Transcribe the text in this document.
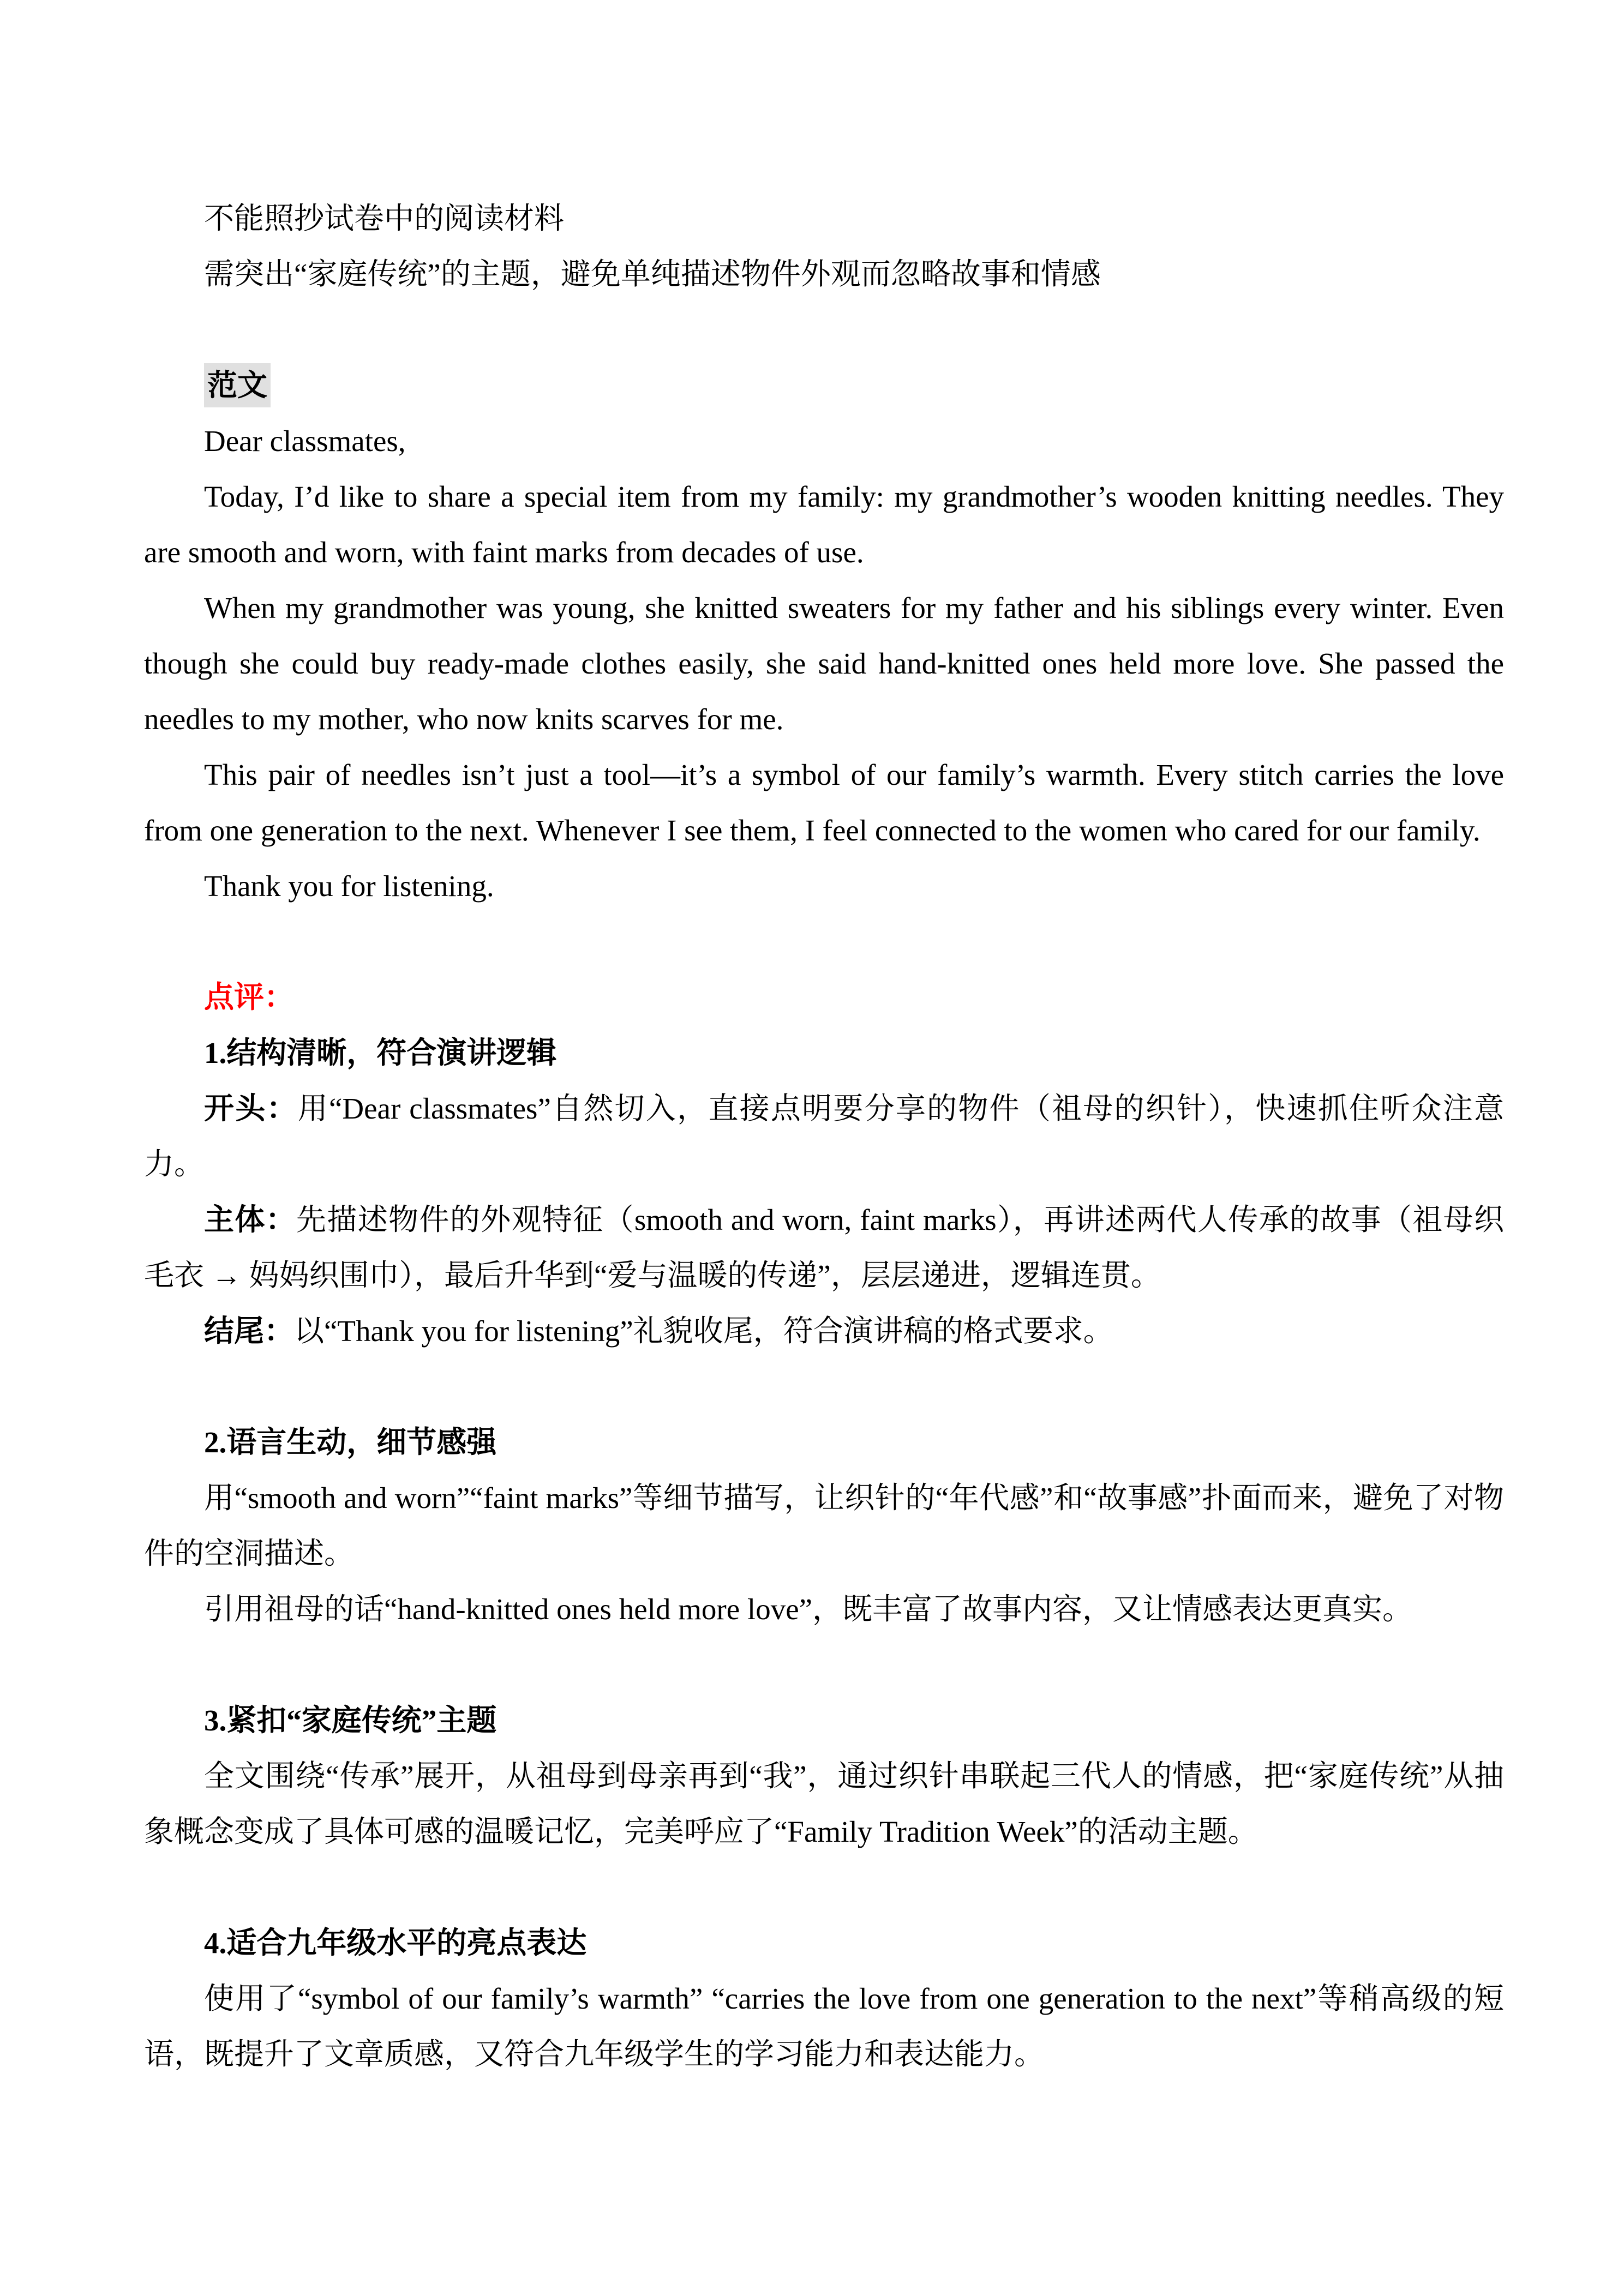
不能照抄试卷中的阅读材料

需突出“家庭传统”的主题，避免单纯描述物件外观而忽略故事和情感

范文

Dear classmates,

Today, I’d like to share a special item from my family: my grandmother’s wooden knitting needles. They are smooth and worn, with faint marks from decades of use.

When my grandmother was young, she knitted sweaters for my father and his siblings every winter. Even though she could buy ready-made clothes easily, she said hand-knitted ones held more love. She passed the needles to my mother, who now knits scarves for me.

This pair of needles isn’t just a tool—it’s a symbol of our family’s warmth. Every stitch carries the love from one generation to the next. Whenever I see them, I feel connected to the women who cared for our family.

Thank you for listening.

点评：

1.结构清晰，符合演讲逻辑

开头：用“Dear classmates”自然切入，直接点明要分享的物件（祖母的织针），快速抓住听众注意力。

主体：先描述物件的外观特征（smooth and worn, faint marks），再讲述两代人传承的故事（祖母织毛衣 → 妈妈织围巾），最后升华到“爱与温暖的传递”，层层递进，逻辑连贯。

结尾：以“Thank you for listening”礼貌收尾，符合演讲稿的格式要求。

2.语言生动，细节感强

用“smooth and worn”“faint marks”等细节描写，让织针的“年代感”和“故事感”扑面而来，避免了对物件的空洞描述。

引用祖母的话“hand-knitted ones held more love”，既丰富了故事内容，又让情感表达更真实。

3.紧扣“家庭传统”主题

全文围绕“传承”展开，从祖母到母亲再到“我”，通过织针串联起三代人的情感，把“家庭传统”从抽象概念变成了具体可感的温暖记忆，完美呼应了“Family Tradition Week”的活动主题。

4.适合九年级水平的亮点表达

使用了“symbol of our family’s warmth” “carries the love from one generation to the next”等稍高级的短语，既提升了文章质感，又符合九年级学生的学习能力和表达能力。
